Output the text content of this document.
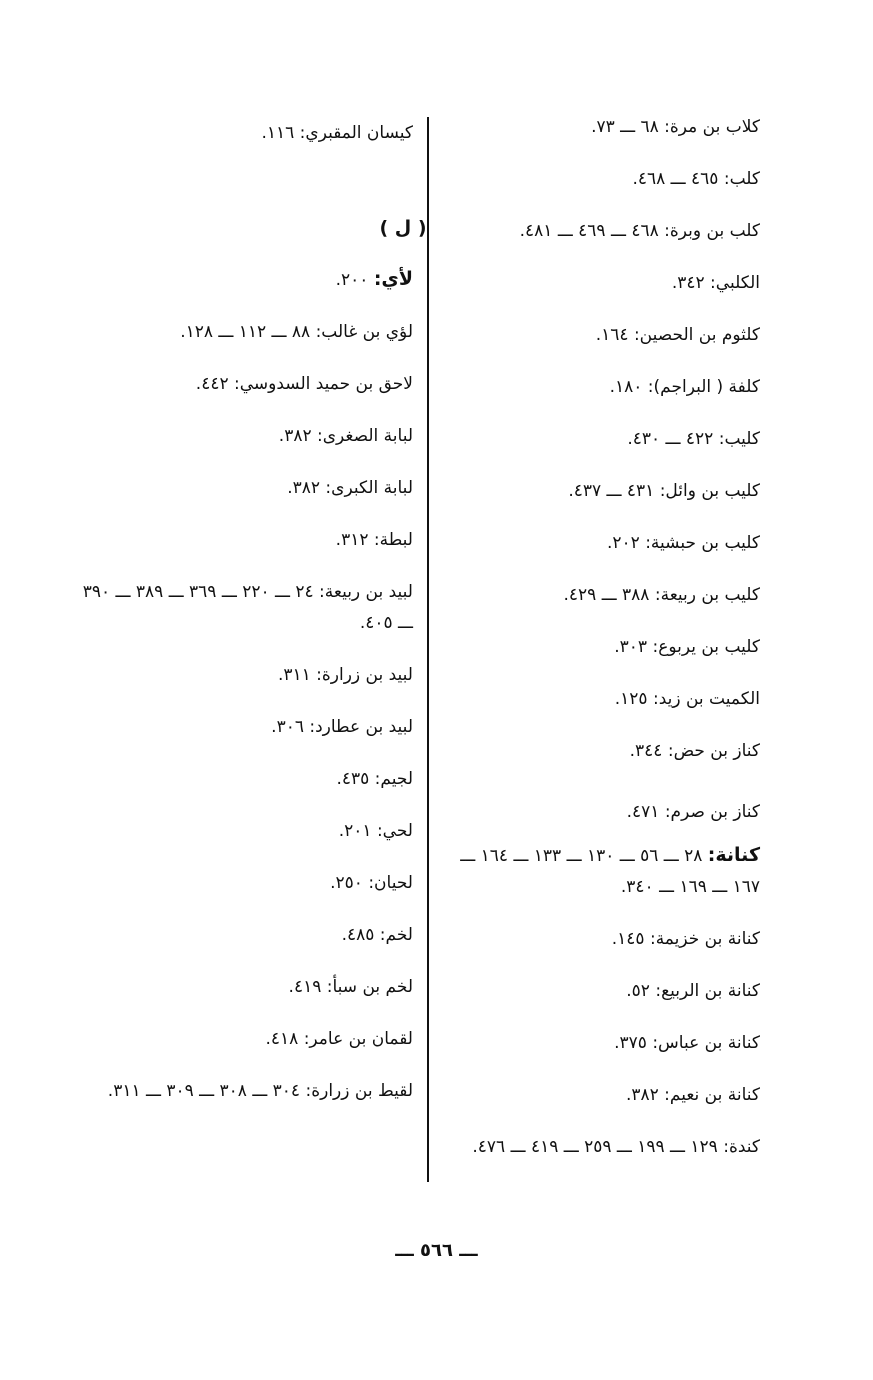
كلاب بن مرة: ٦٨ ـــ ٧٣.
كلب: ٤٦٥ ـــ ٤٦٨.
كلب بن وبرة: ٤٦٨ ـــ ٤٦٩ ـــ ٤٨١.
الكلبي: ٣٤٢.
كلثوم بن الحصين: ١٦٤.
كلفة ( البراجم): ١٨٠.
كليب: ٤٢٢ ـــ ٤٣٠.
كليب بن وائل: ٤٣١ ـــ ٤٣٧.
كليب بن حبشية: ٢٠٢.
كليب بن ربيعة: ٣٨٨ ـــ ٤٢٩.
كليب بن يربوع: ٣٠٣.
الكميت بن زيد: ١٢٥.
كناز بن حض: ٣٤٤.
كناز بن صرم: ٤٧١.
كنانة: ٢٨ ـــ ٥٦ ـــ ١٣٠ ـــ ١٣٣ ـــ ١٦٤ ـــ ١٦٧ ـــ ١٦٩ ـــ ٣٤٠.
كنانة بن خزيمة: ١٤٥.
كنانة بن الربيع: ٥٢.
كنانة بن عباس: ٣٧٥.
كنانة بن نعيم: ٣٨٢.
كندة: ١٢٩ ـــ ١٩٩ ـــ ٢٥٩ ـــ ٤١٩ ـــ ٤٧٦.
كيسان المقبري: ١١٦.
( ل )
لأي: ٢٠٠.
لؤي بن غالب: ٨٨ ـــ ١١٢ ـــ ١٢٨.
لاحق بن حميد السدوسي: ٤٤٢.
لبابة الصغرى: ٣٨٢.
لبابة الكبرى: ٣٨٢.
لبطة: ٣١٢.
لبيد بن ربيعة: ٢٤ ـــ ٢٢٠ ـــ ٣٦٩ ـــ ٣٨٩ ـــ ٣٩٠ ـــ ٤٠٥.
لبيد بن زرارة: ٣١١.
لبيد بن عطارد: ٣٠٦.
لجيم: ٤٣٥.
لحي: ٢٠١.
لحيان: ٢٥٠.
لخم: ٤٨٥.
لخم بن سبأ: ٤١٩.
لقمان بن عامر: ٤١٨.
لقيط بن زرارة: ٣٠٤ ـــ ٣٠٨ ـــ ٣٠٩ ـــ ٣١١.
ـــ ٥٦٦ ـــ
